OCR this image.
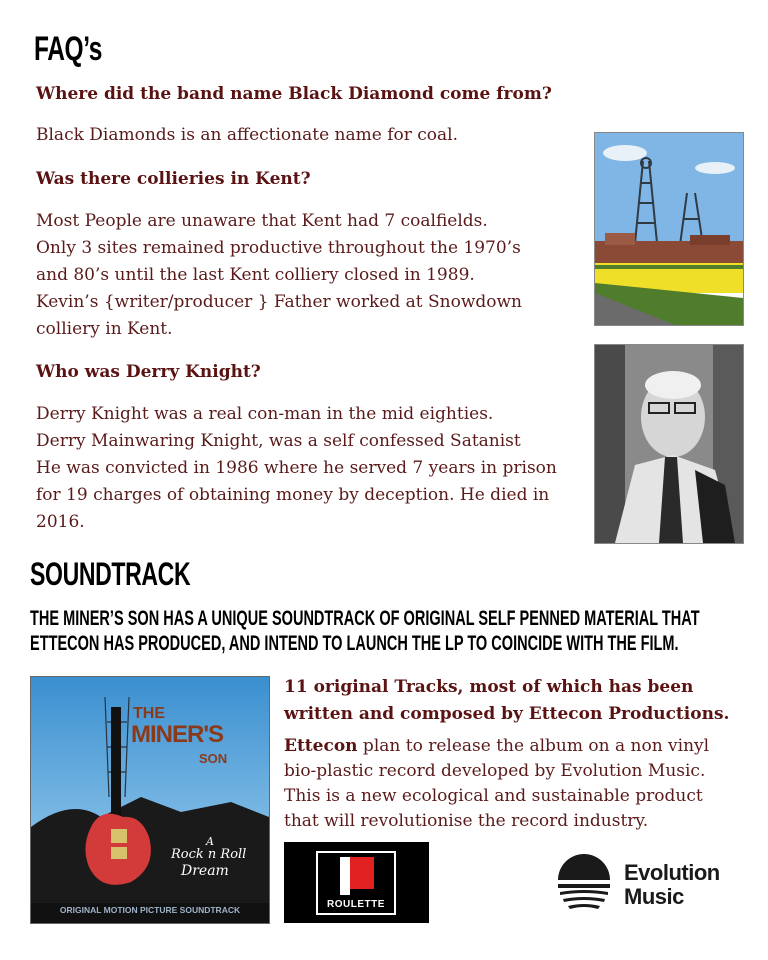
FAQ’s
Where did the band name Black Diamond come from?
Black Diamonds is an affectionate name for coal.
Was there collieries in Kent?
Most People are unaware that Kent had 7 coalfields.
Only 3 sites remained productive throughout the 1970’s
and 80’s until the last Kent colliery closed in 1989.
Kevin’s {writer/producer } Father worked at Snowdown
colliery in Kent.
Who was Derry Knight?
Derry Knight was a real con-man in the mid eighties.
Derry Mainwaring Knight, was a self confessed Satanist
He was convicted in 1986 where he served 7 years in prison
for 19 charges of obtaining money by deception. He died in
2016.
SOUNDTRACK
THE MINER’S SON HAS A UNIQUE SOUNDTRACK OF ORIGINAL SELF PENNED MATERIAL THAT
ETTECON HAS PRODUCED, AND INTEND TO LAUNCH THE LP TO COINCIDE WITH THE FILM.
THE
MINER'S
SON
A
Rock n Roll
Dream
ORIGINAL MOTION PICTURE SOUNDTRACK
11 original Tracks, most of which has been
written and composed by Ettecon Productions.
Ettecon plan to release the album on a non vinyl
bio-plastic record developed by Evolution Music.
This is a new ecological and sustainable product
that will revolutionise the record industry.
ROULETTE
Evolution
Music
